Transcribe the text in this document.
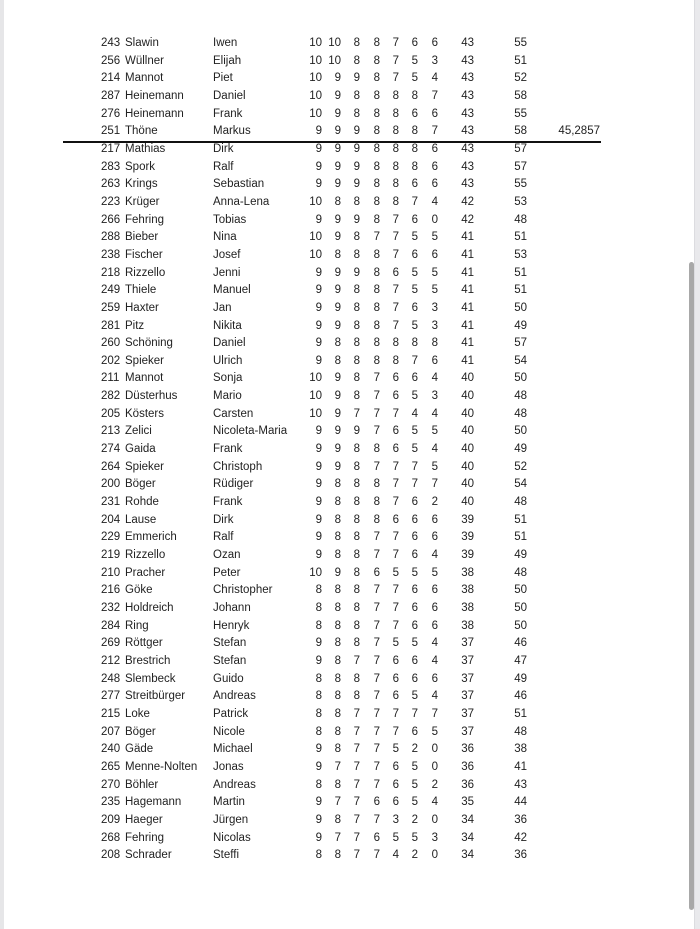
243 Slawin	Iwen	10 10	8	8	7	6	6	43	55
256 Wüllner	Elijah	10 10	8	8	7	5	3	43	51
214 Mannot	Piet	10	9	9	8	7	5	4	43	52
287 Heinemann	Daniel	10	9	8	8	8	8	7	43	58
276 Heinemann	Frank	10	9	8	8	8	6	6	43	55
251 Thöne	Markus	9	9	9	8	8	8	7	43	58	45,2857
217 Mathias	Dirk	9	9	9	8	8	8	6	43	57
283 Spork	Ralf	9	9	9	8	8	8	6	43	57
263 Krings	Sebastian	9	9	9	8	8	6	6	43	55
223 Krüger	Anna-Lena	10	8	8	8	8	7	4	42	53
266 Fehring	Tobias	9	9	9	8	7	6	0	42	48
288 Bieber	Nina	10	9	8	7	7	5	5	41	51
238 Fischer	Josef	10	8	8	8	7	6	6	41	53
218 Rizzello	Jenni	9	9	9	8	6	5	5	41	51
249 Thiele	Manuel	9	9	8	8	7	5	5	41	51
259 Haxter	Jan	9	9	8	8	7	6	3	41	50
281 Pitz	Nikita	9	9	8	8	7	5	3	41	49
260 Schöning	Daniel	9	8	8	8	8	8	8	41	57
202 Spieker	Ulrich	9	8	8	8	8	7	6	41	54
211 Mannot	Sonja	10	9	8	7	6	6	4	40	50
282 Düsterhus	Mario	10	9	8	7	6	5	3	40	48
205 Kösters	Carsten	10	9	7	7	7	4	4	40	48
213 Zelici	Nicoleta-Maria	9	9	9	7	6	5	5	40	50
274 Gaida	Frank	9	9	8	8	6	5	4	40	49
264 Spieker	Christoph	9	9	8	7	7	7	5	40	52
200 Böger	Rüdiger	9	8	8	8	7	7	7	40	54
231 Rohde	Frank	9	8	8	8	7	6	2	40	48
204 Lause	Dirk	9	8	8	8	6	6	6	39	51
229 Emmerich	Ralf	9	8	8	7	7	6	6	39	51
219 Rizzello	Ozan	9	8	8	7	7	6	4	39	49
210 Pracher	Peter	10	9	8	6	5	5	5	38	48
216 Göke	Christopher	8	8	8	7	7	6	6	38	50
232 Holdreich	Johann	8	8	8	7	7	6	6	38	50
284 Ring	Henryk	8	8	8	7	7	6	6	38	50
269 Röttger	Stefan	9	8	8	7	5	5	4	37	46
212 Brestrich	Stefan	9	8	7	7	6	6	4	37	47
248 Slembeck	Guido	8	8	8	7	6	6	6	37	49
277 Streitbürger Andreas	8	8	8	7	6	5	4	37	46
215 Loke	Patrick	8	8	7	7	7	7	7	37	51
207 Böger	Nicole	8	8	7	7	7	6	5	37	48
240 Gäde	Michael	9	8	7	7	5	2	0	36	38
265 Menne-Nolten Jonas	9	7	7	7	6	5	0	36	41
270 Böhler	Andreas	8	8	7	7	6	5	2	36	43
235 Hagemann	Martin	9	7	7	6	6	5	4	35	44
209 Haeger	Jürgen	9	8	7	7	3	2	0	34	36
268 Fehring	Nicolas	9	7	7	6	5	5	3	34	42
208 Schrader	Steffi	8	8	7	7	4	2	0	34	36
